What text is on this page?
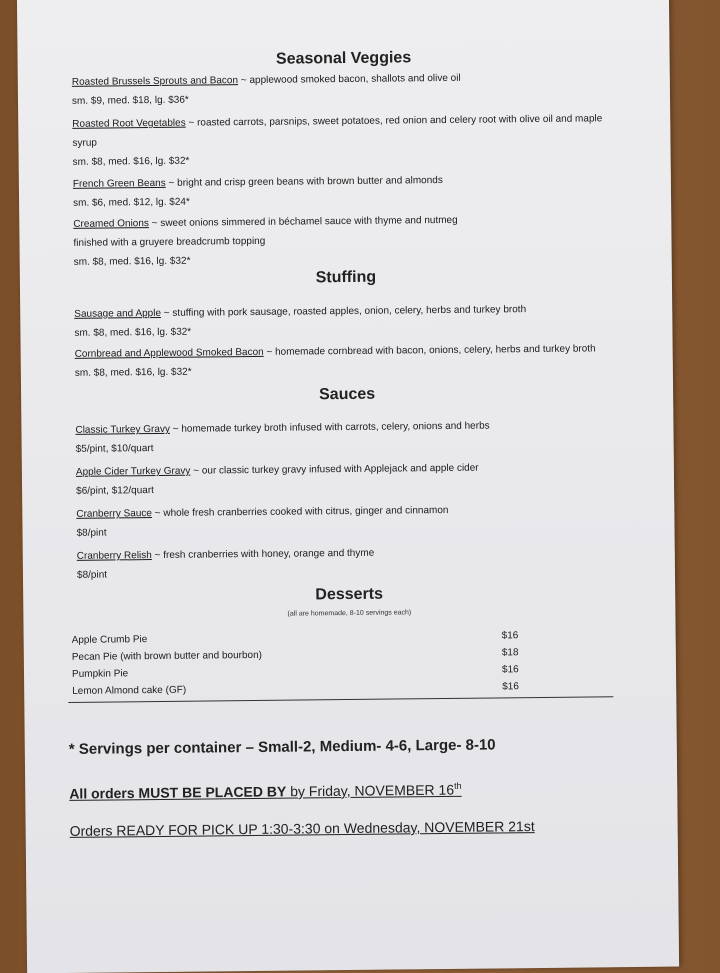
Seasonal Veggies
Roasted Brussels Sprouts and Bacon ~ applewood smoked bacon, shallots and olive oil
sm. $9, med. $18, lg. $36*
Roasted Root Vegetables ~ roasted carrots, parsnips, sweet potatoes, red onion and celery root with olive oil and maple
syrup
sm. $8, med. $16, lg. $32*
French Green Beans ~ bright and crisp green beans with brown butter and almonds
sm. $6, med. $12, lg. $24*
Creamed Onions ~ sweet onions simmered in béchamel sauce with thyme and nutmeg
finished with a gruyere breadcrumb topping
sm. $8, med. $16, lg. $32*
Stuffing
Sausage and Apple ~ stuffing with pork sausage, roasted apples, onion, celery, herbs and turkey broth
sm. $8, med. $16, lg. $32*
Cornbread and Applewood Smoked Bacon ~ homemade cornbread with bacon, onions, celery, herbs and turkey broth
sm. $8, med. $16, lg. $32*
Sauces
Classic Turkey Gravy ~ homemade turkey broth infused with carrots, celery, onions and herbs
$5/pint, $10/quart
Apple Cider Turkey Gravy ~ our classic turkey gravy infused with Applejack and apple cider
$6/pint, $12/quart
Cranberry Sauce ~ whole fresh cranberries cooked with citrus, ginger and cinnamon
$8/pint
Cranberry Relish ~ fresh cranberries with honey, orange and thyme
$8/pint
Desserts
(all are homemade, 8-10 servings each)
Apple Crumb Pie	$16
Pecan Pie (with brown butter and bourbon)	$18
Pumpkin Pie	$16
Lemon Almond cake (GF)	$16
* Servings per container – Small-2, Medium- 4-6, Large- 8-10
All orders MUST BE PLACED BY by Friday, NOVEMBER 16th
Orders READY FOR PICK UP 1:30-3:30 on Wednesday, NOVEMBER 21st
